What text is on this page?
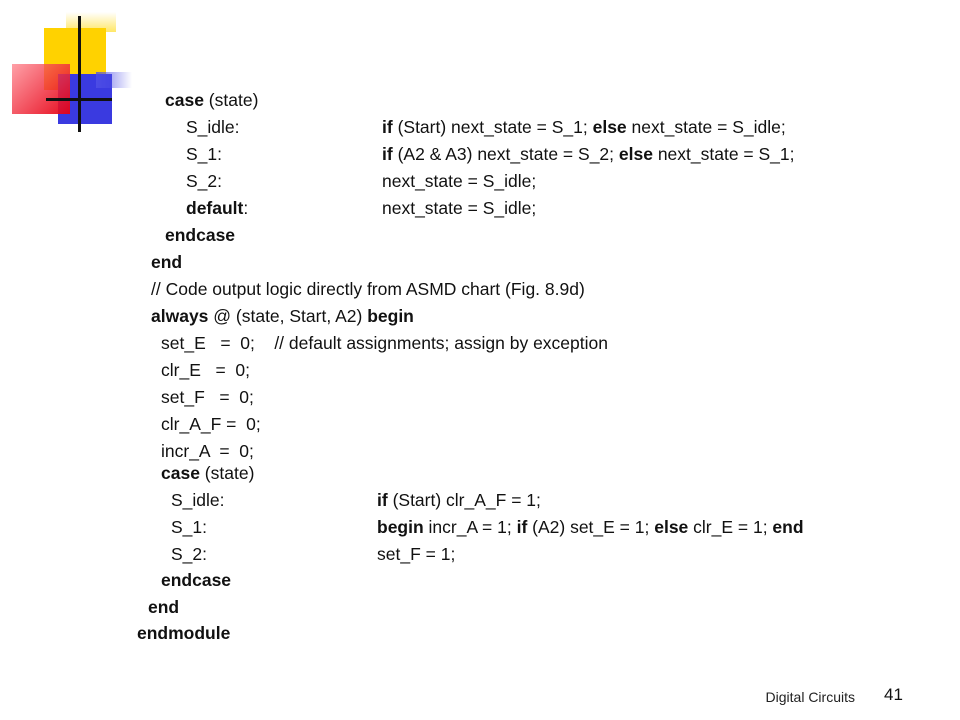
case (state)
S_idle:	if (Start) next_state = S_1; else next_state = S_idle;
S_1:	if (A2 & A3) next_state = S_2; else next_state = S_1;
S_2:	next_state = S_idle;
default:	next_state = S_idle;
endcase
end
// Code output logic directly from ASMD chart (Fig. 8.9d)
always @ (state, Start, A2) begin
set_E   =  0;    // default assignments; assign by exception
clr_E   =  0;
set_F   =  0;
clr_A_F =  0;
incr_A  =  0;
case (state)
S_idle:	if (Start) clr_A_F = 1;
S_1:	begin incr_A = 1; if (A2) set_E = 1; else clr_E = 1; end
S_2:	set_F = 1;
endcase
end
endmodule
Digital Circuits 41
